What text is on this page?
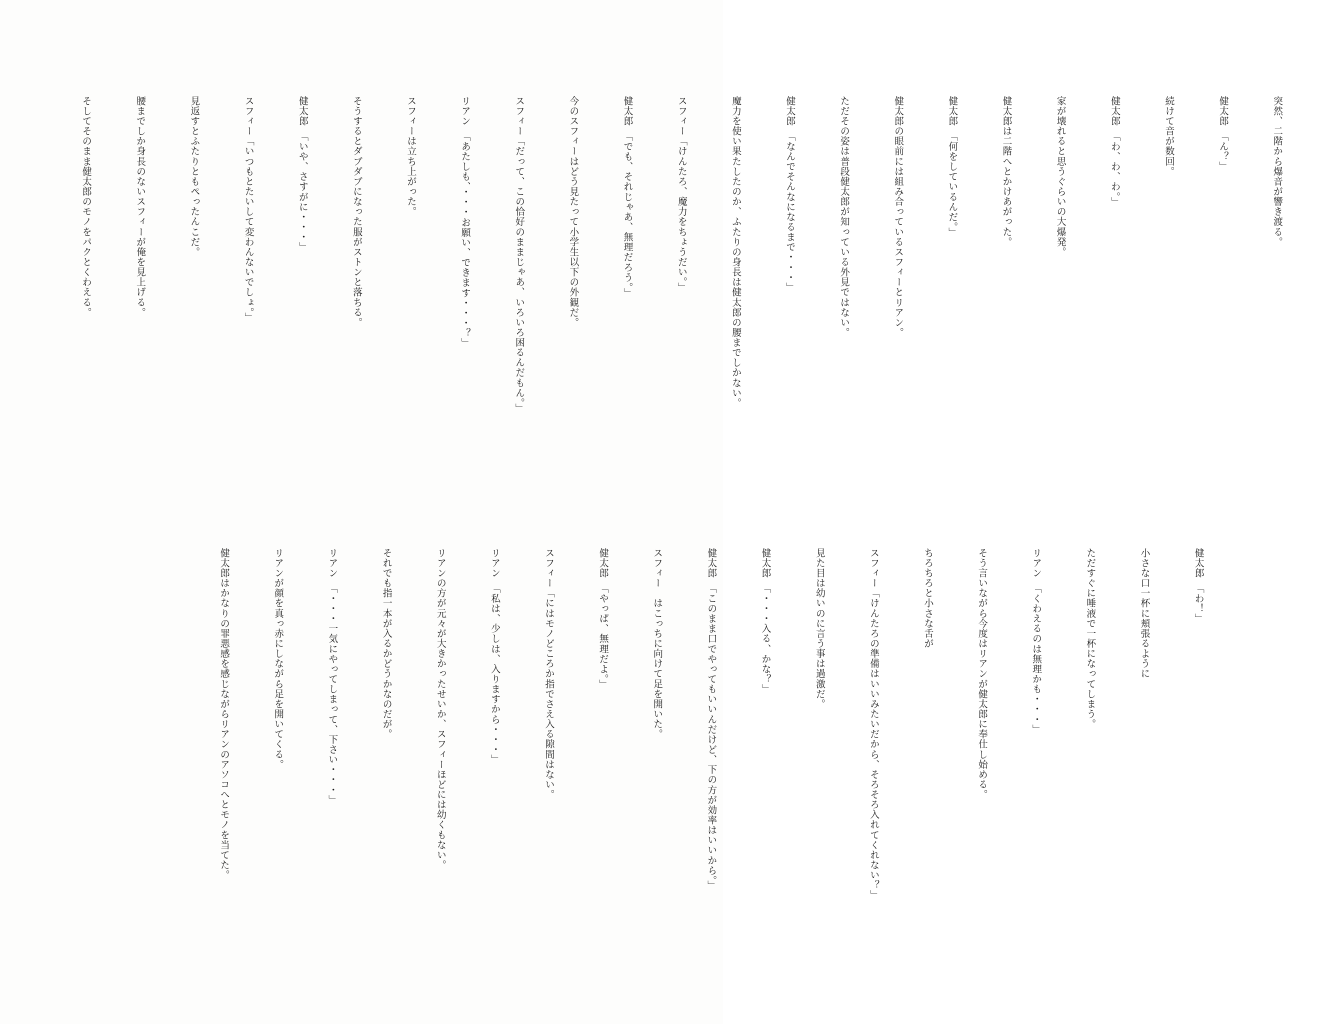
突然、二階から爆音が響き渡る。

健太郎　「ん？」

続けて音が数回。

健太郎　「わ、わ、わ。」

家が壊れると思うぐらいの大爆発。

健太郎は二階へとかけあがった。

健太郎　「何をしているんだ。」

健太郎の眼前には組み合っているスフィーとリアン。

ただその姿は普段健太郎が知っている外見ではない。

健太郎　「なんでそんなになるまで・・・」

魔力を使い果たしたのか、ふたりの身長は健太郎の腰までしかない。

スフィー「けんたろ、魔力をちょうだい。」

健太郎　「でも、それじゃあ、無理だろう。」

今のスフィーはどう見たって小学生以下の外観だ。

スフィー「だって、この恰好のままじゃあ、いろいろ困るんだもん。」

リアン　「あたしも、・・・お願い、できます・・・？」

スフィーは立ち上がった。

そうするとダブダブになった服がストンと落ちる。

健太郎　「いや、さすがに・・・」

スフィー「いつもとたいして変わんないでしょ。」

見返すとふたりともぺったんこだ。

腰までしか身長のないスフィーが俺を見上げる。

そしてそのまま健太郎のモノをパクとくわえる。

健太郎　「わ！」

小さな口一杯に頬張るように

ただすぐに唾液で一杯になってしまう。

リアン　「くわえるのは無理かも・・・」

そう言いながら今度はリアンが健太郎に奉仕し始める。

ちろちろと小さな舌が

スフィー「けんたろの準備はいいみたいだから、そろそろ入れてくれない？」

見た目は幼いのに言う事は過激だ。

健太郎　「・・・入る、かな？」

健太郎　「このまま口でやってもいいんだけど、下の方が効率はいいから。」

スフィー　はこっちに向けて足を開いた。

健太郎　「やっぱ、無理だよ。」

スフィー「にはモノどころか指でさえ入る隙間はない。

リアン　「私は、少しは、入りますから・・・」

リアンの方が元々が大きかったせいか、スフィーほどには幼くもない。

それでも指一本が入るかどうかなのだが。

リアン　「・・・一気にやってしまって、下さい・・・」

リアンが顔を真っ赤にしながら足を開いてくる。

健太郎はかなりの罪悪感を感じながらリアンのアソコへとモノを当てた。
